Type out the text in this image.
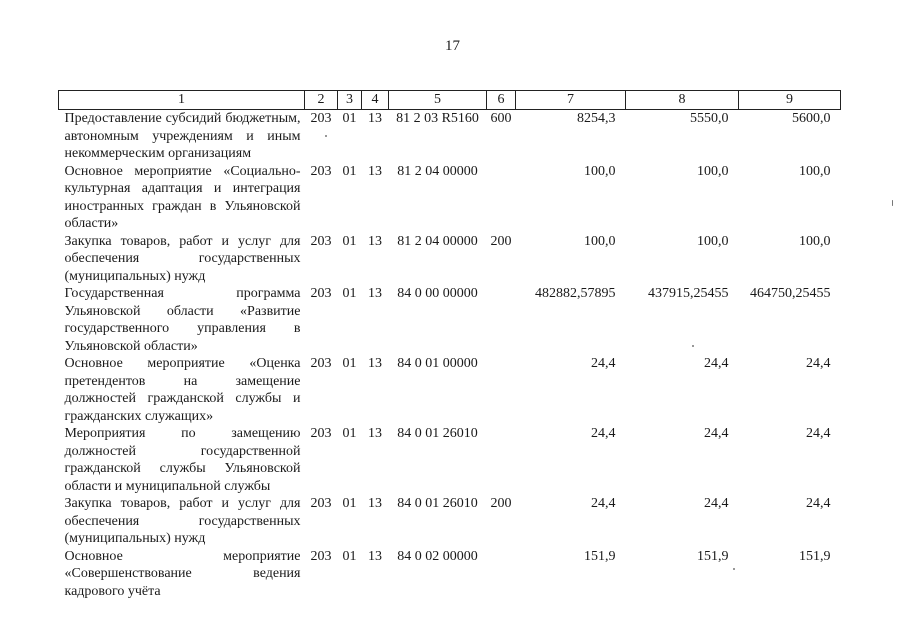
17
1	2	3	4	5	6	7	8	9
Предоставление субсидий бюджетным, автономным учреждениям и иным некоммерческим организациям	203	01	13	81 2 03 R5160	600	8254,3	5550,0	5600,0
Основное мероприятие «Социально-культурная адаптация и интеграция иностранных граждан в Ульяновской области»	203	01	13	81 2 04 00000		100,0	100,0	100,0
Закупка товаров, работ и услуг для обеспечения государственных (муниципальных) нужд	203	01	13	81 2 04 00000	200	100,0	100,0	100,0
Государственная программа Ульяновской области «Развитие государственного управления в Ульяновской области»	203	01	13	84 0 00 00000		482882,57895	437915,25455	464750,25455
Основное мероприятие «Оценка претендентов на замещение должностей гражданской службы и гражданских служащих»	203	01	13	84 0 01 00000		24,4	24,4	24,4
Мероприятия по замещению должностей государственной гражданской службы Ульяновской области и муниципальной службы	203	01	13	84 0 01 26010		24,4	24,4	24,4
Закупка товаров, работ и услуг для обеспечения государственных (муниципальных) нужд	203	01	13	84 0 01 26010	200	24,4	24,4	24,4
Основное мероприятие «Совершенствование ведения кадрового учёта	203	01	13	84 0 02 00000		151,9	151,9	151,9
